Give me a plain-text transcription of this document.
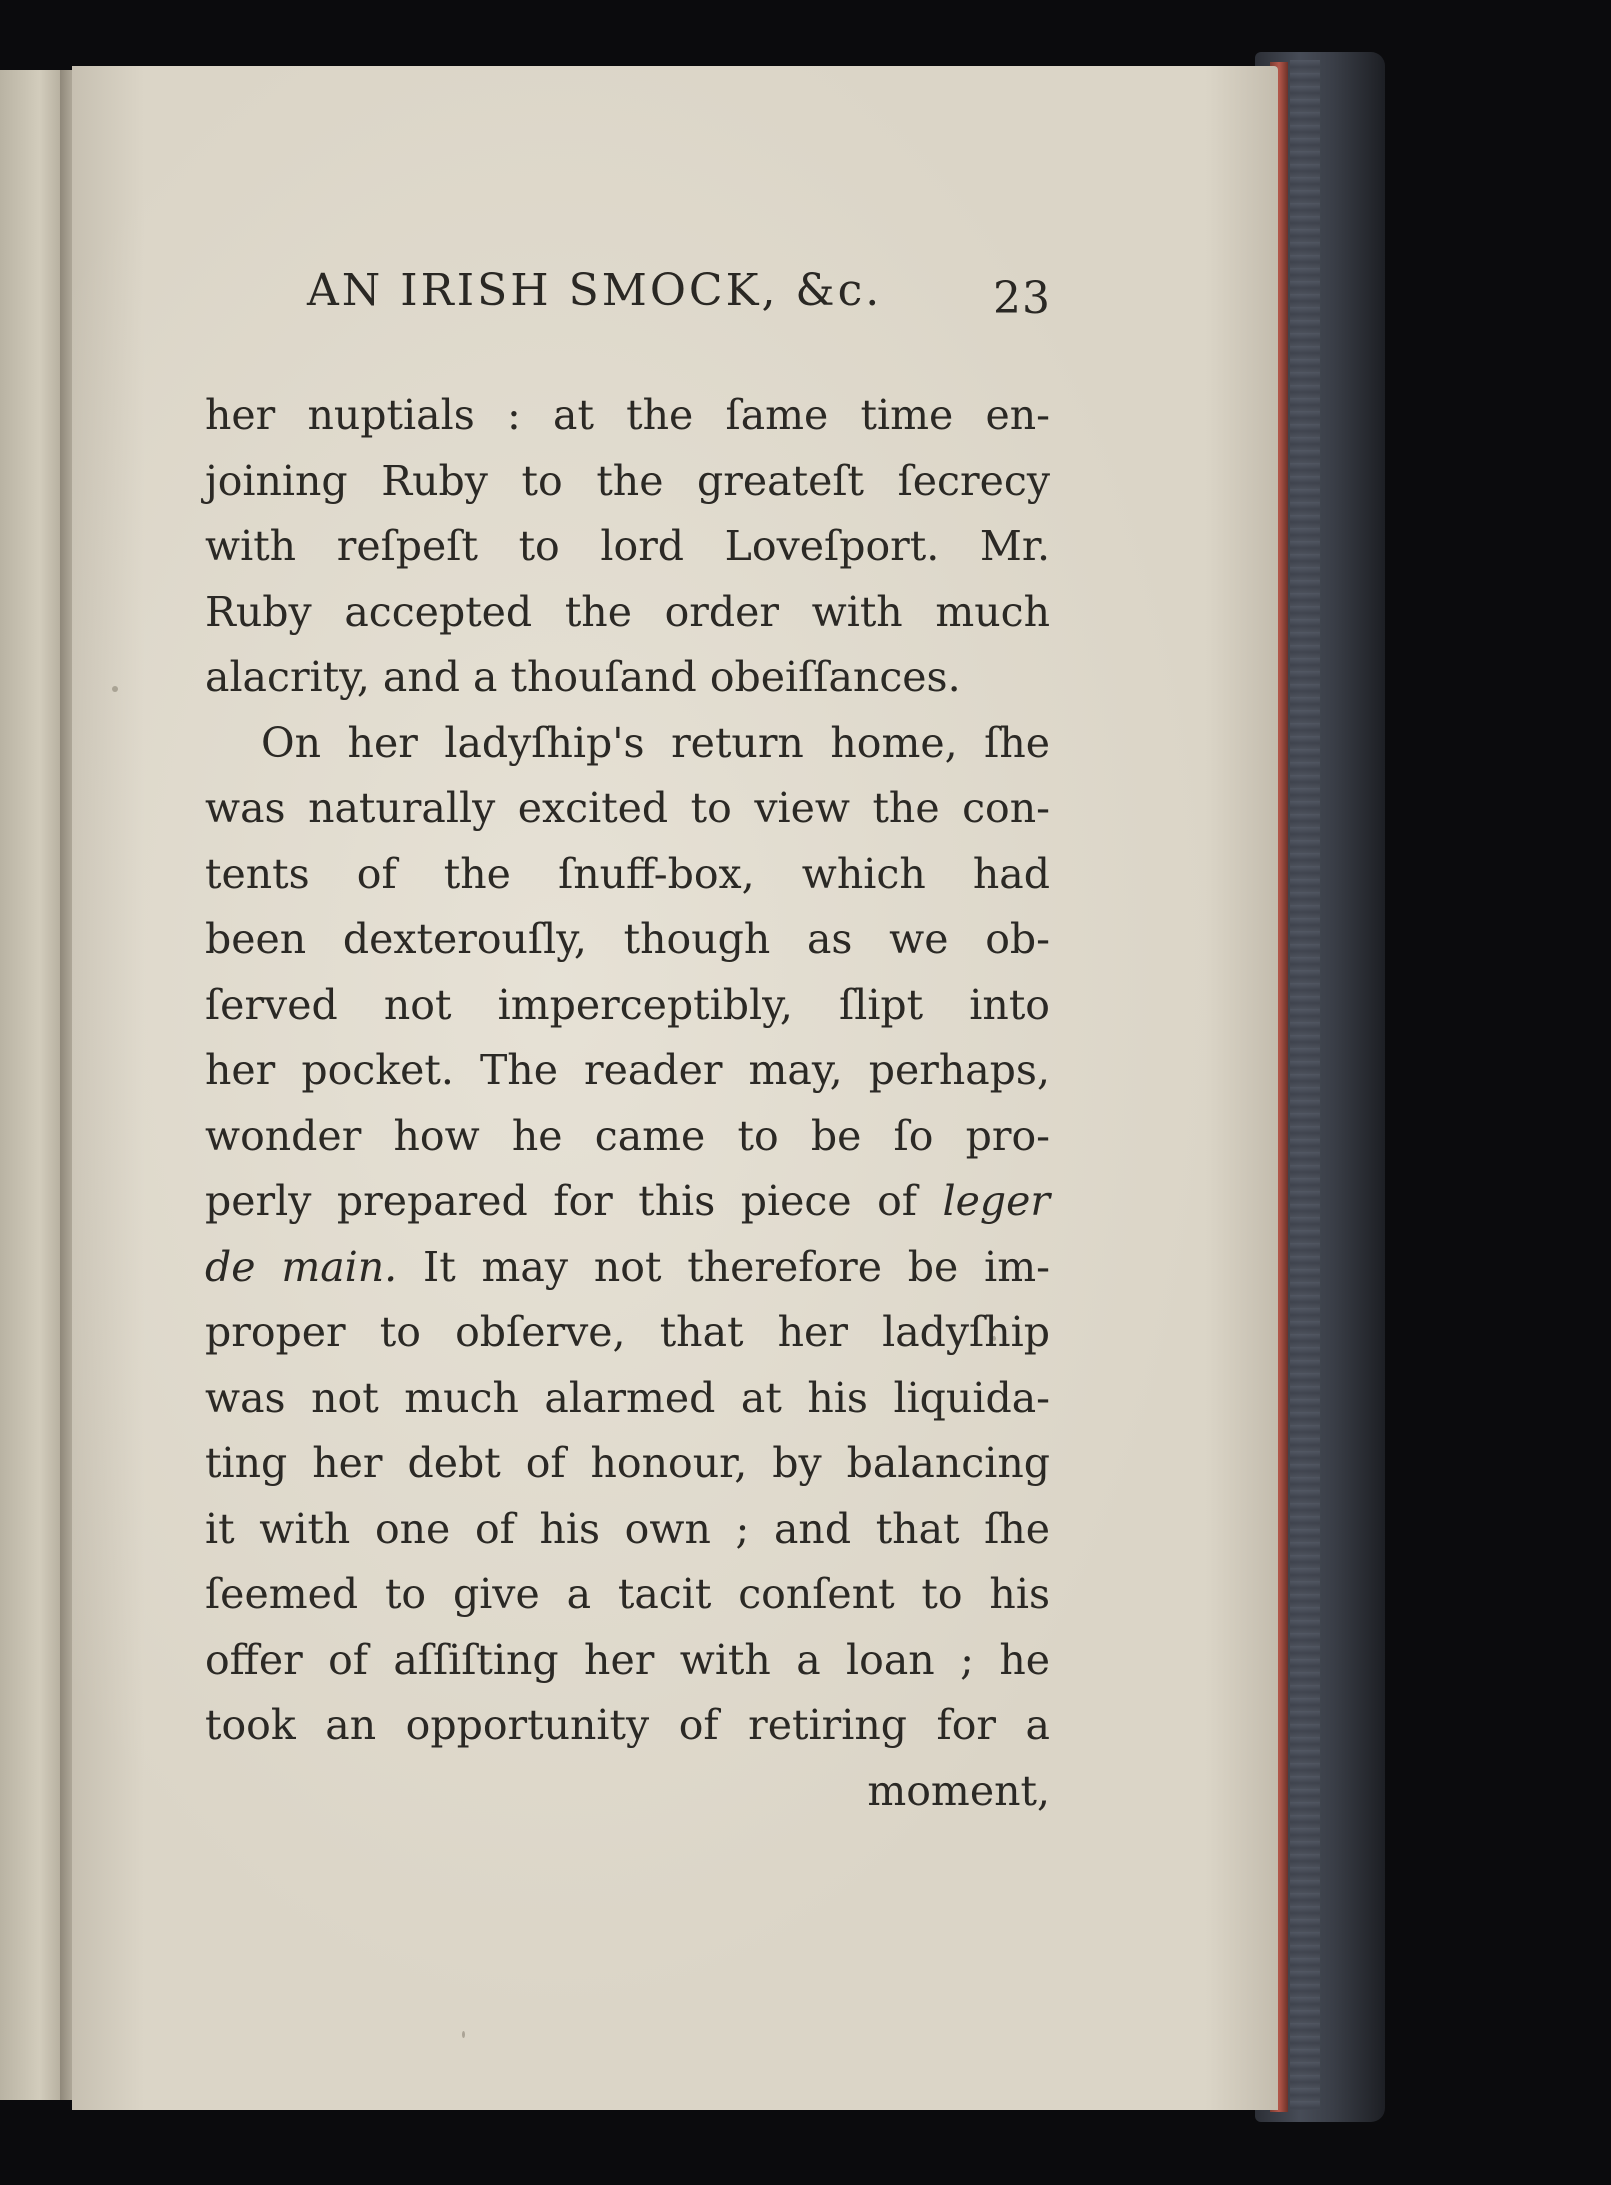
AN IRISH SMOCK, &c.	23
her nuptials : at the ſame time en-
joining Ruby to the greateſt ſecrecy
with reſpeſt to lord Loveſport. Mr.
Ruby accepted the order with much
alacrity, and a thouſand obeiſſances.
On her ladyſhip's return home, ſhe
was naturally excited to view the con-
tents of the ſnuff-box, which had
been dexterouſly, though as we ob-
ſerved not imperceptibly, ſlipt into
her pocket. The reader may, perhaps,
wonder how he came to be ſo pro-
perly prepared for this piece of leger
de main. It may not therefore be im-
proper to obſerve, that her ladyſhip
was not much alarmed at his liquida-
ting her debt of honour, by balancing
it with one of his own ; and that ſhe
ſeemed to give a tacit conſent to his
offer of aſſiſting her with a loan ; he
took an opportunity of retiring for a
moment,
